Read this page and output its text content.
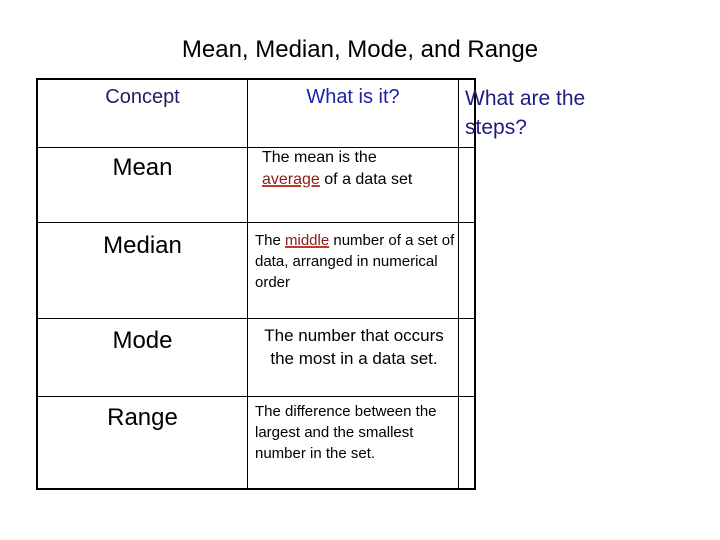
Mean, Median, Mode, and Range
Concept	What is it?	What are the
steps?
Mean	The mean is the
average of a data set
Median	The middle number of a set of data, arranged in numerical order
Mode	The number that occurs the most in a data set.
Range	The difference between the largest and the smallest number in the set.
